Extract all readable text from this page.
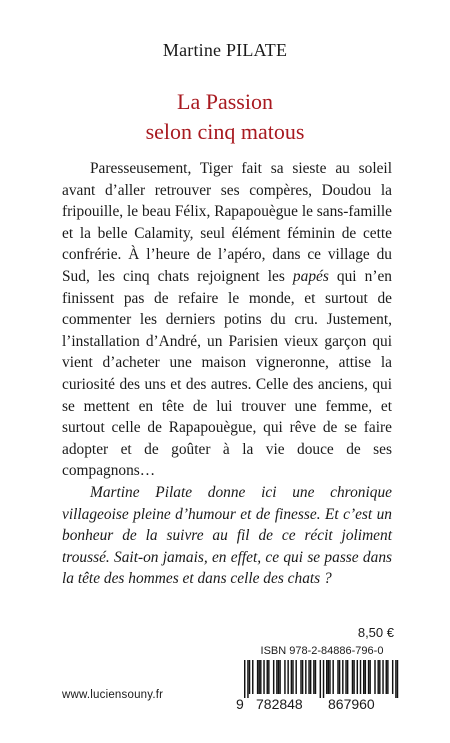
Martine PILATE
La Passion
selon cinq matous

Paresseusement, Tiger fait sa sieste au soleil avant d’aller retrouver ses compères, Doudou la fripouille, le beau Félix, Rapapouègue le sans-famille et la belle Calamity, seul élément féminin de cette confrérie. À l’heure de l’apéro, dans ce village du Sud, les cinq chats rejoignent les papés qui n’en finissent pas de refaire le monde, et surtout de commenter les derniers potins du cru. Justement, l’installation d’André, un Parisien vieux garçon qui vient d’acheter une maison vigneronne, attise la curiosité des uns et des autres. Celle des anciens, qui se mettent en tête de lui trouver une femme, et surtout celle de Rapapouègue, qui rêve de se faire adopter et de goûter à la vie douce de ses compagnons…

Martine Pilate donne ici une chronique villageoise pleine d’humour et de finesse. Et c’est un bonheur de la suivre au fil de ce récit joliment troussé. Sait-on jamais, en effet, ce qui se passe dans la tête des hommes et dans celle des chats ?

8,50 €
ISBN 978-2-84886-796-0
9 782848 867960
www.luciensouny.fr
